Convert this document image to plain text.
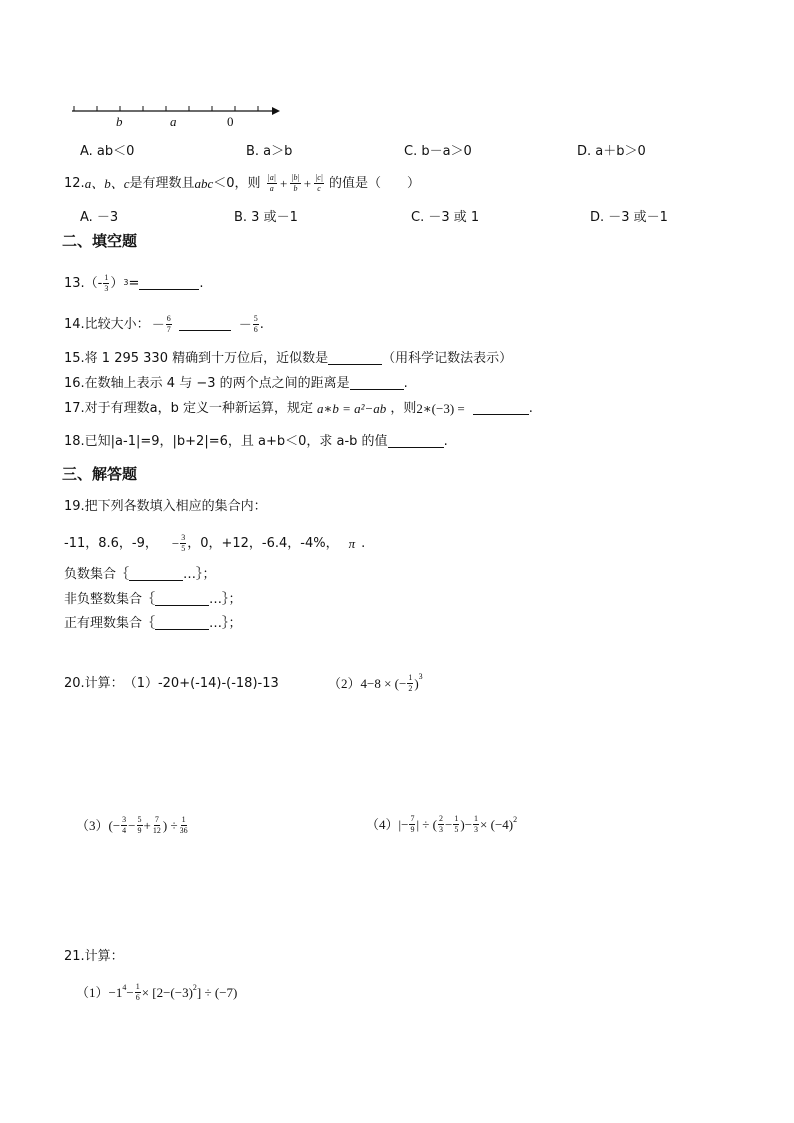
b	a	0
A. ab＜0	B. a＞b	C. b－a＞0	D. a＋b＞0
12. a、b、c 是有理数且 abc ＜0，则 $\frac{|a|}{a} + \frac{|b|}{b} + \frac{|c|}{c}$ 的值是（　　）
A. －3	B. 3 或－1	C. －3 或 1	D. －3 或－1
二、填空题
$13.(- \frac{1}{3}$ ） 3 =	.
14.比较大小： － $\frac{6}{7}$	－ $\frac{5}{6}$ .
15.将 1 295 330 精确到十万位后，近似数是	（用科学记数法表示）
16.在数轴上表示 4 与 −3 的两个点之间的距离是	.
17.对于有理数a，b 定义一种新运算，规定 a∗b = a²−ab ，则 2∗(−3) =	.
18.已知|a-1|=9，|b+2|=6，且 a+b＜0，求 a-b 的值	.
三、解答题
19.把下列各数填入相应的集合内：
-11，8.6，-9， − $\frac{3}{5}$ ，0，+12，-6.4，-4%， π .
负数集合｛	…｝；
非负整数集合｛	…｝；
正有理数集合｛	…｝；
20.计算： （1）-20+(-14)-(-18)-13	（2）4−8 × (− $\frac{1}{2} )^3$
$(3)(- \frac{3}{4} - \frac{5}{9} + \frac{7}{12}$ ) ÷ $\frac{1}{36}$	$(4)|- \frac{7}{9}$ | ÷ ( $\frac{2}{3} - \frac{1}{5}$ )− $\frac{1}{3} \times (-4)^2$
21.计算：
$(1)-1^4 - \frac{1}{6} \times [2-(-3)^2$ ] ÷ (−7)
